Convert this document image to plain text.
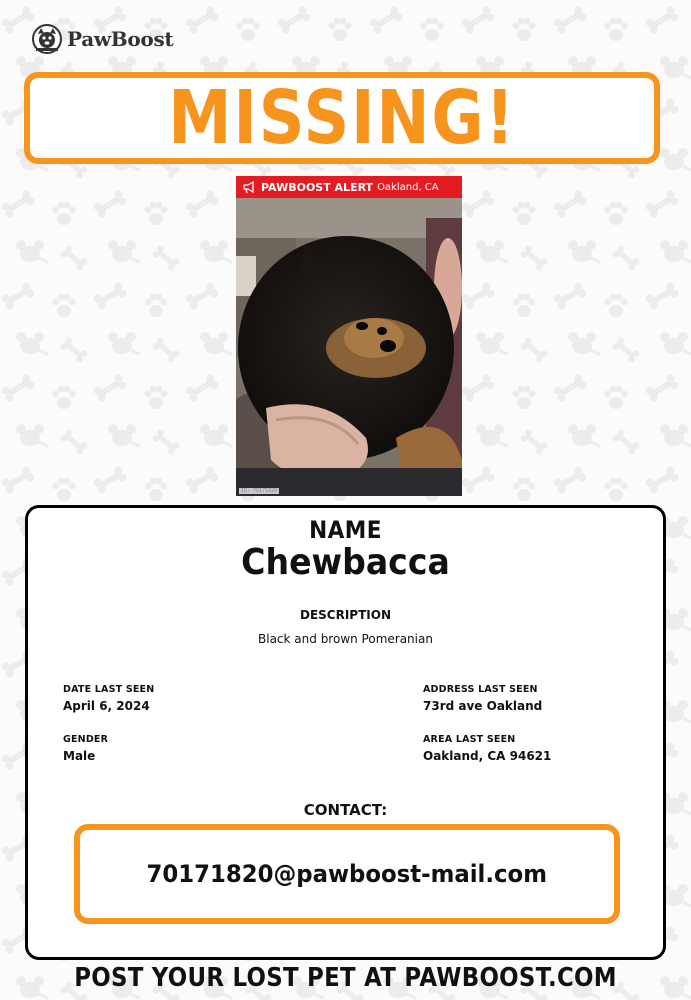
PawBoost
MISSING!
PAWBOOST ALERT Oakland, CA
ID: 70171820
NAME
Chewbacca
DESCRIPTION
Black and brown Pomeranian
DATE LAST SEEN
April 6, 2024
GENDER
Male
ADDRESS LAST SEEN
73rd ave Oakland
AREA LAST SEEN
Oakland, CA 94621
CONTACT:
70171820@pawboost-mail.com
POST YOUR LOST PET AT PAWBOOST.COM
